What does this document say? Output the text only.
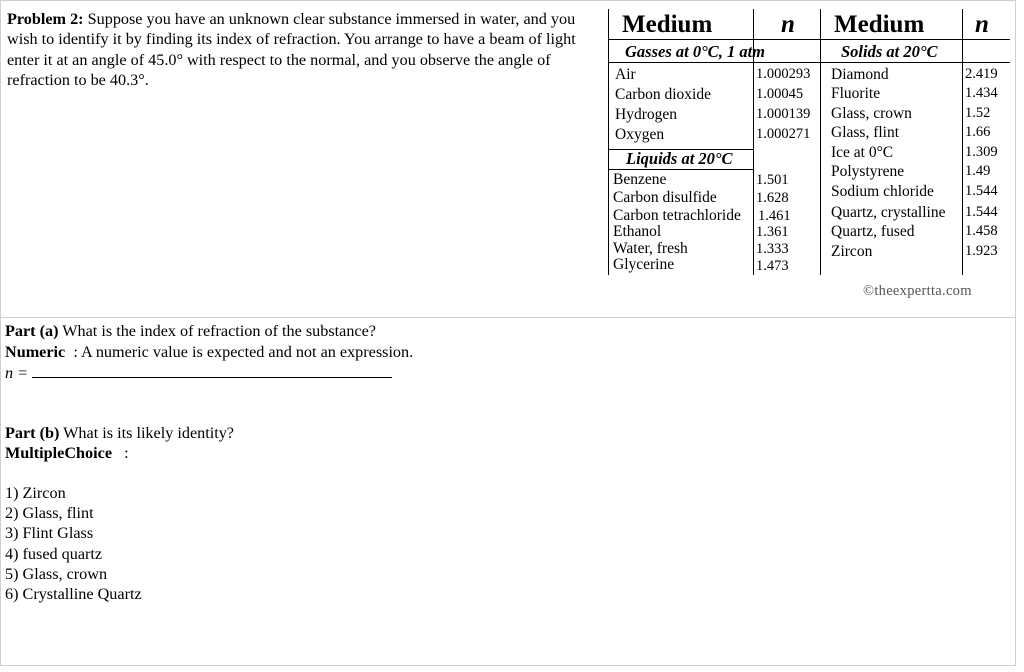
Problem 2: Suppose you have an unknown clear substance immersed in water, and you wish to identify it by finding its index of refraction. You arrange to have a beam of light enter it at an angle of 45.0° with respect to the normal, and you observe the angle of refraction to be 40.3°.
Medium	n Medium n
Gasses at 0°C, 1 atm	Solids at 20°C
Liquids at 20°C
Air	1.000293
Carbon dioxide	1.00045
Hydrogen	1.000139
Oxygen	1.000271
Benzene	1.501
Carbon disulfide	1.628
Carbon tetrachloride 1.461
Ethanol	1.361
Water, fresh	1.333
Glycerine	1.473
Diamond	2.419
Fluorite	1.434
Glass, crown	1.52
Glass, flint	1.66
Ice at 0°C	1.309
Polystyrene	1.49
Sodium chloride 1.544
Quartz, crystalline 1.544
Quartz, fused	1.458
Zircon	1.923
©theexpertta.com
Part (a) What is the index of refraction of the substance?
Numeric : A numeric value is expected and not an expression.
n =
Part (b) What is its likely identity?
MultipleChoice :
1) Zircon
2) Glass, flint
3) Flint Glass
4) fused quartz
5) Glass, crown
6) Crystalline Quartz
